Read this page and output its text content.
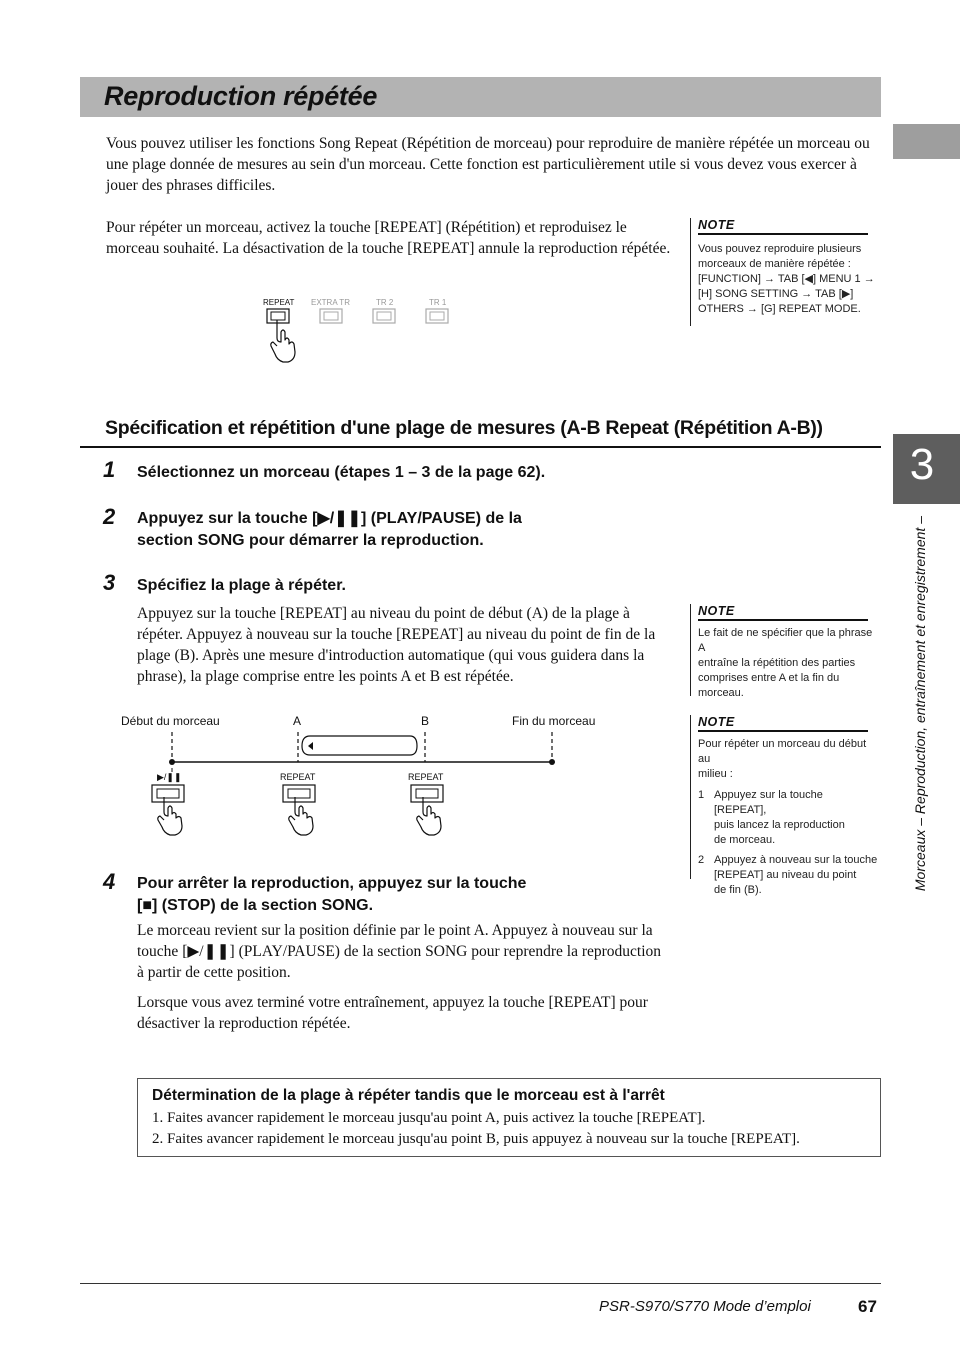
Reproduction répétée
3
Morceaux – Reproduction, entraînement et enregistrement –
Vous pouvez utiliser les fonctions Song Repeat (Répétition de morceau) pour reproduire de manière répétée un morceau ou une plage donnée de mesures au sein d'un morceau. Cette fonction est particulièrement utile si vous devez vous exercer à jouer des phrases difficiles.
Pour répéter un morceau, activez la touche [REPEAT] (Répétition) et reproduisez le morceau souhaité. La désactivation de la touche [REPEAT] annule la reproduction répétée.
REPEAT EXTRA TR	TR 2	TR 1
NOTE
Vous pouvez reproduire plusieurs
morceaux de manière répétée :
[FUNCTION] → TAB [◀] MENU 1 →
[H] SONG SETTING → TAB [▶]
OTHERS → [G] REPEAT MODE.
Spécification et répétition d'une plage de mesures (A-B Repeat (Répétition A-B))
1 Sélectionnez un morceau (étapes 1 – 3 de la page 62).
2 Appuyez sur la touche [▶/❚❚] (PLAY/PAUSE) de la
section SONG pour démarrer la reproduction.
3 Spécifiez la plage à répéter.
Appuyez sur la touche [REPEAT] au niveau du point de début (A) de la plage à répéter. Appuyez à nouveau sur la touche [REPEAT] au niveau du point de fin de la plage (B). Après une mesure d'introduction automatique (qui vous guidera dans la phrase), la plage comprise entre les points A et B est répétée.
Début du morceau	A	B	Fin du morceau
▶/❚❚	REPEAT	REPEAT
NOTE
Le fait de ne spécifier que la phrase A
entraîne la répétition des parties
comprises entre A et la fin du
morceau.
NOTE
Pour répéter un morceau du début au
milieu :
1 Appuyez sur la touche [REPEAT],
puis lancez la reproduction
de morceau.
2 Appuyez à nouveau sur la touche
[REPEAT] au niveau du point
de fin (B).
4 Pour arrêter la reproduction, appuyez sur la touche
[■] (STOP) de la section SONG.
Le morceau revient sur la position définie par le point A. Appuyez à nouveau sur la touche [▶/❚❚] (PLAY/PAUSE) de la section SONG pour reprendre la reproduction à partir de cette position.
Lorsque vous avez terminé votre entraînement, appuyez la touche [REPEAT] pour désactiver la reproduction répétée.
Détermination de la plage à répéter tandis que le morceau est à l'arrêt
1. Faites avancer rapidement le morceau jusqu'au point A, puis activez la touche [REPEAT].
2. Faites avancer rapidement le morceau jusqu'au point B, puis appuyez à nouveau sur la touche [REPEAT].
PSR-S970/S770 Mode d’emploi	67
